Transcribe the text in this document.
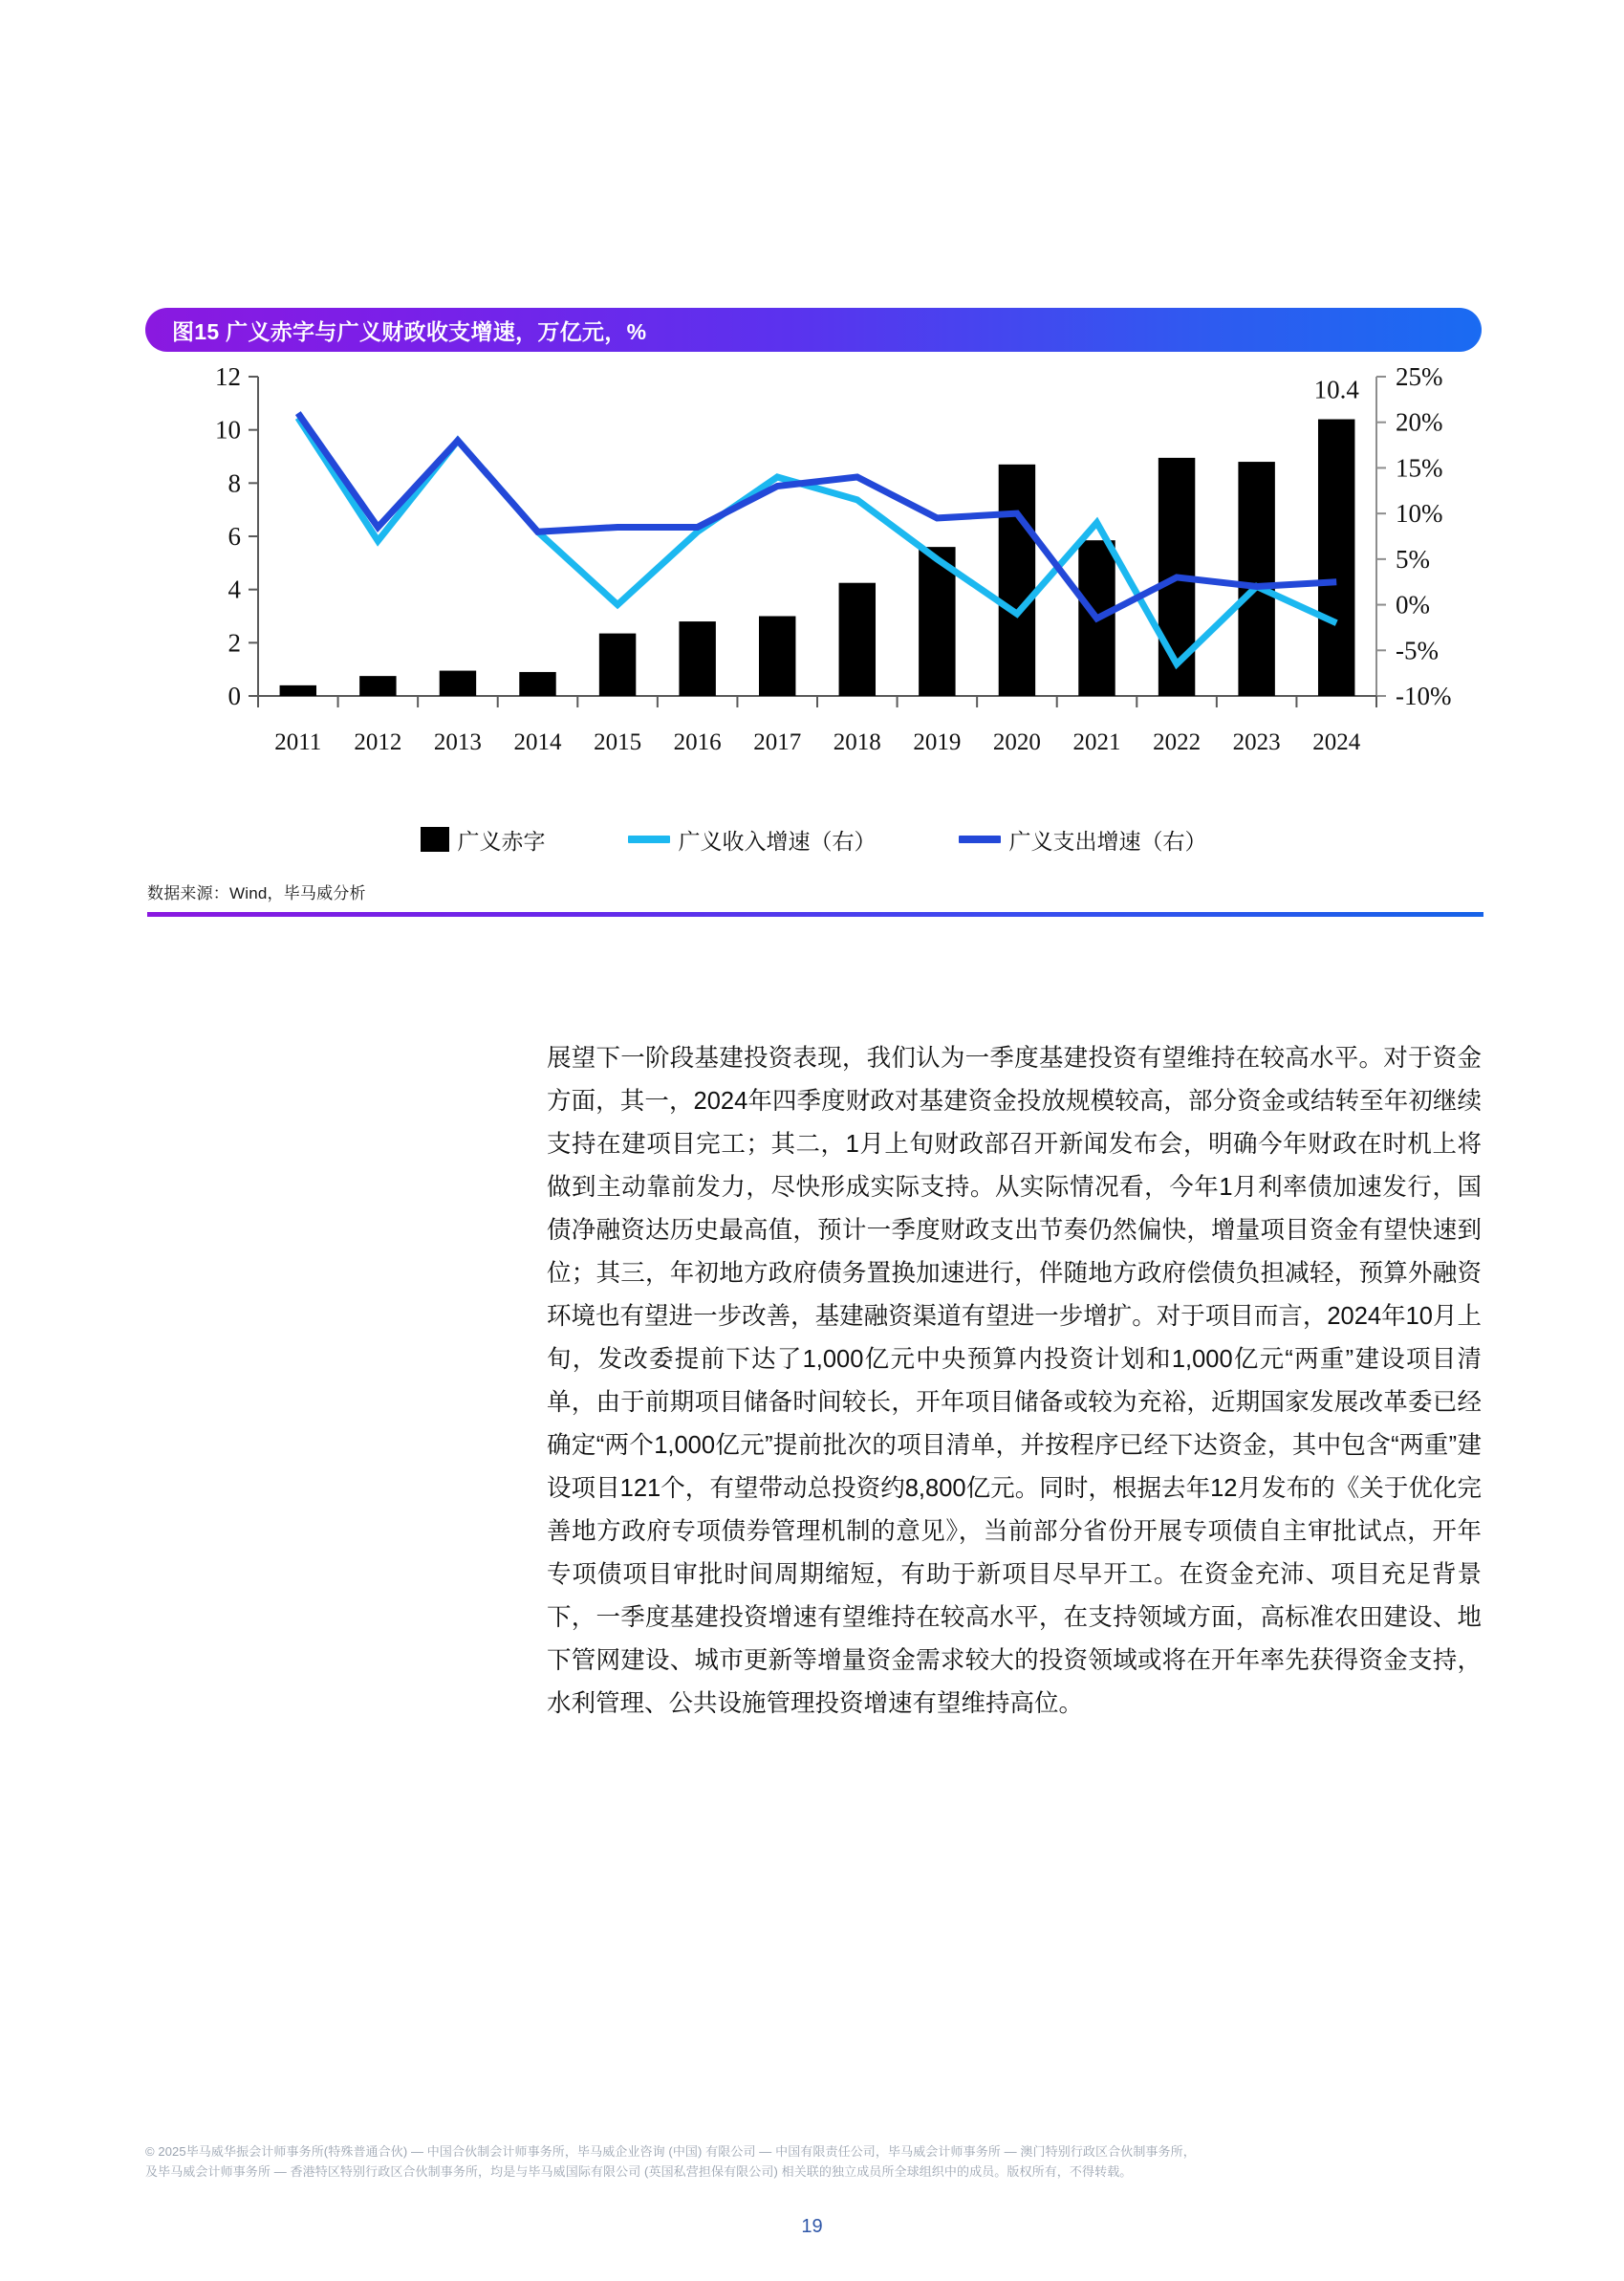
图15 广义赤字与广义财政收支增速，万亿元，%
0
2
4
6
8
10
12
-10%
-5%
0%
5%
10%
15%
20%
25%
2011 2012 2013 2014 2015 2016 2017 2018 2019 2020 2021 2022 2023 2024
10.4
广义赤字	广义收入增速（右）	广义支出增速（右）
数据来源：Wind，毕马威分析

展望下一阶段基建投资表现，我们认为一季度基建投资有望维持在较高水平。对于资金方面，其一，2024年四季度财政对基建资金投放规模较高，部分资金或结转至年初继续支持在建项目完工；其二，1月上旬财政部召开新闻发布会，明确今年财政在时机上将做到主动靠前发力，尽快形成实际支持。从实际情况看，今年1月利率债加速发行，国债净融资达历史最高值，预计一季度财政支出节奏仍然偏快，增量项目资金有望快速到位；其三，年初地方政府债务置换加速进行，伴随地方政府偿债负担减轻，预算外融资环境也有望进一步改善，基建融资渠道有望进一步增扩。对于项目而言，2024年10月上旬，发改委提前下达了1,000亿元中央预算内投资计划和1,000亿元“两重”建设项目清单，由于前期项目储备时间较长，开年项目储备或较为充裕，近期国家发展改革委已经确定“两个1,000亿元”提前批次的项目清单，并按程序已经下达资金，其中包含“两重”建设项目121个，有望带动总投资约8,800亿元。同时，根据去年12月发布的《关于优化完善地方政府专项债券管理机制的意见》，当前部分省份开展专项债自主审批试点，开年专项债项目审批时间周期缩短，有助于新项目尽早开工。在资金充沛、项目充足背景下，一季度基建投资增速有望维持在较高水平，在支持领域方面，高标准农田建设、地下管网建设、城市更新等增量资金需求较大的投资领域或将在开年率先获得资金支持，水利管理、公共设施管理投资增速有望维持高位。

© 2025毕马威华振会计师事务所(特殊普通合伙) — 中国合伙制会计师事务所，毕马威企业咨询 (中国) 有限公司 — 中国有限责任公司，毕马威会计师事务所 — 澳门特别行政区合伙制事务所，
及毕马威会计师事务所 — 香港特区特别行政区合伙制事务所，均是与毕马威国际有限公司 (英国私营担保有限公司) 相关联的独立成员所全球组织中的成员。版权所有，不得转载。
19
